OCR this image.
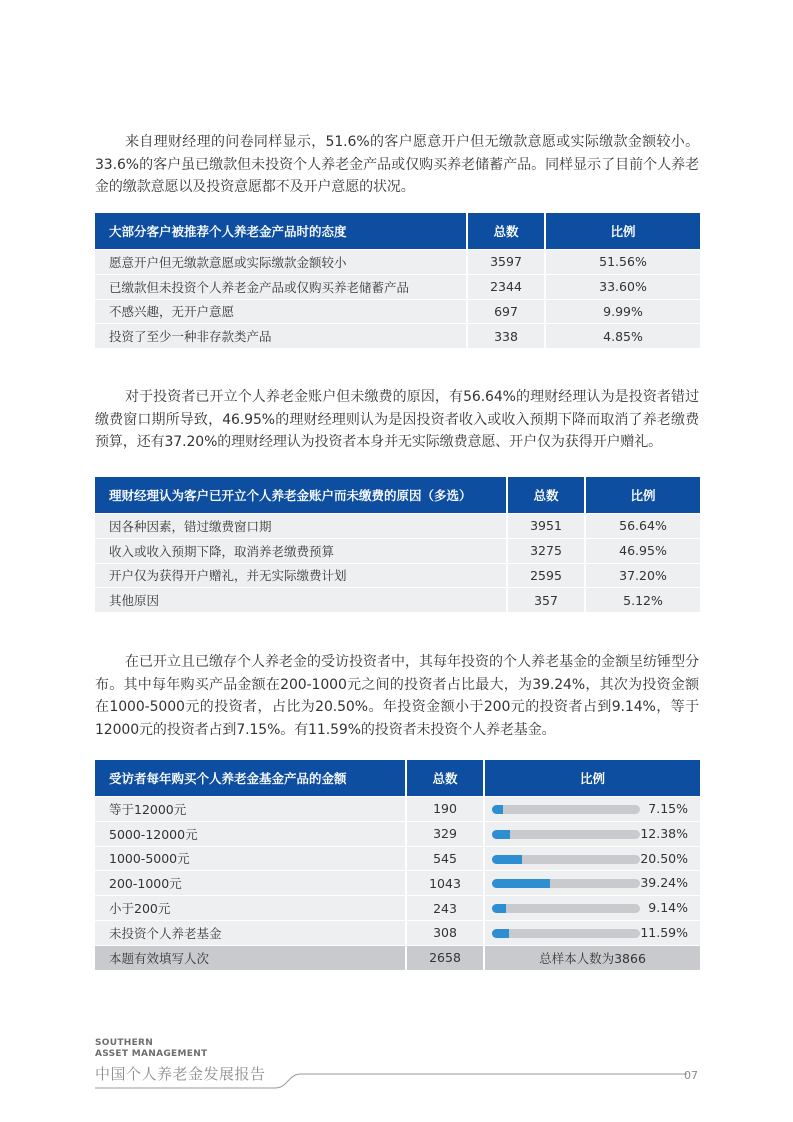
来自理财经理的问卷同样显示，51.6%的客户愿意开户但无缴款意愿或实际缴款金额较小。33.6%的客户虽已缴款但未投资个人养老金产品或仅购买养老储蓄产品。同样显示了目前个人养老金的缴款意愿以及投资意愿都不及开户意愿的状况。

大部分客户被推荐个人养老金产品时的态度	总数	比例
愿意开户但无缴款意愿或实际缴款金额较小	3597	51.56%
已缴款但未投资个人养老金产品或仅购买养老储蓄产品	2344	33.60%
不感兴趣，无开户意愿	697	9.99%
投资了至少一种非存款类产品	338	4.85%

对于投资者已开立个人养老金账户但未缴费的原因，有56.64%的理财经理认为是投资者错过缴费窗口期所导致，46.95%的理财经理则认为是因投资者收入或收入预期下降而取消了养老缴费预算，还有37.20%的理财经理认为投资者本身并无实际缴费意愿、开户仅为获得开户赠礼。

理财经理认为客户已开立个人养老金账户而未缴费的原因（多选）	总数	比例
因各种因素，错过缴费窗口期	3951	56.64%
收入或收入预期下降，取消养老缴费预算	3275	46.95%
开户仅为获得开户赠礼，并无实际缴费计划	2595	37.20%
其他原因	357	5.12%

在已开立且已缴存个人养老金的受访投资者中，其每年投资的个人养老基金的金额呈纺锤型分布。其中每年购买产品金额在200-1000元之间的投资者占比最大，为39.24%，其次为投资金额在1000-5000元的投资者，占比为20.50%。年投资金额小于200元的投资者占到9.14%，等于12000元的投资者占到7.15%。有11.59%的投资者未投资个人养老基金。

受访者每年购买个人养老金基金产品的金额	总数	比例
等于12000元	190	7.15%

5000-12000元	329	12.38%

1000-5000元	545	20.50%

200-1000元	1043	39.24%

小于200元	243	9.14%

未投资个人养老基金	308	11.59%

本题有效填写人次	2658	总样本人数为3866
SOUTHERN
ASSET MANAGEMENT
中国个人养老金发展报告	07
